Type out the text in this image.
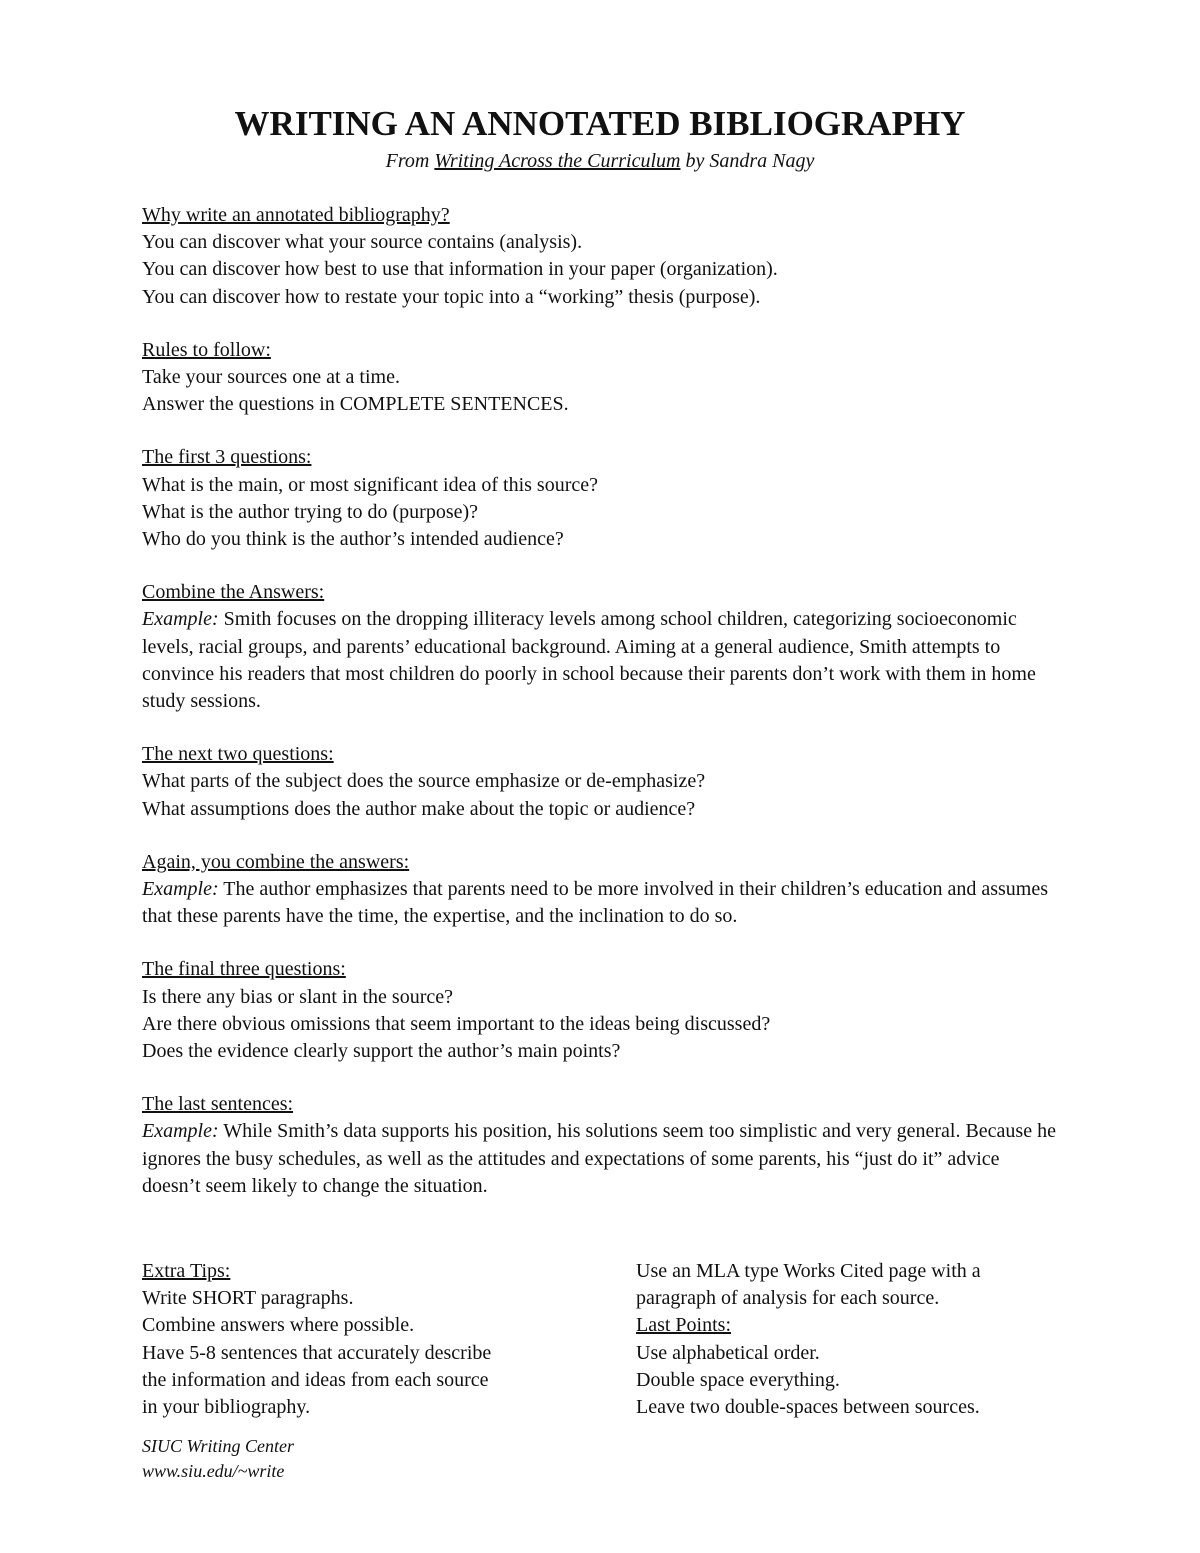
WRITING AN ANNOTATED BIBLIOGRAPHY
From Writing Across the Curriculum by Sandra Nagy
Why write an annotated bibliography?
You can discover what your source contains (analysis).
You can discover how best to use that information in your paper (organization).
You can discover how to restate your topic into a “working” thesis (purpose).
Rules to follow:
Take your sources one at a time.
Answer the questions in COMPLETE SENTENCES.
The first 3 questions:
What is the main, or most significant idea of this source?
What is the author trying to do (purpose)?
Who do you think is the author’s intended audience?
Combine the Answers:
Example: Smith focuses on the dropping illiteracy levels among school children, categorizing socioeconomic levels, racial groups, and parents’ educational background. Aiming at a general audience, Smith attempts to convince his readers that most children do poorly in school because their parents don’t work with them in home study sessions.
The next two questions:
What parts of the subject does the source emphasize or de-emphasize?
What assumptions does the author make about the topic or audience?
Again, you combine the answers:
Example: The author emphasizes that parents need to be more involved in their children’s education and assumes that these parents have the time, the expertise, and the inclination to do so.
The final three questions:
Is there any bias or slant in the source?
Are there obvious omissions that seem important to the ideas being discussed?
Does the evidence clearly support the author’s main points?
The last sentences:
Example: While Smith’s data supports his position, his solutions seem too simplistic and very general. Because he ignores the busy schedules, as well as the attitudes and expectations of some parents, his “just do it” advice doesn’t seem likely to change the situation.
Extra Tips:
Write SHORT paragraphs.
Combine answers where possible.
Have 5-8 sentences that accurately describe
the information and ideas from each source
in your bibliography.
Use an MLA type Works Cited page with a
paragraph of analysis for each source.
Last Points:
Use alphabetical order.
Double space everything.
Leave two double-spaces between sources.
SIUC Writing Center
www.siu.edu/~write
